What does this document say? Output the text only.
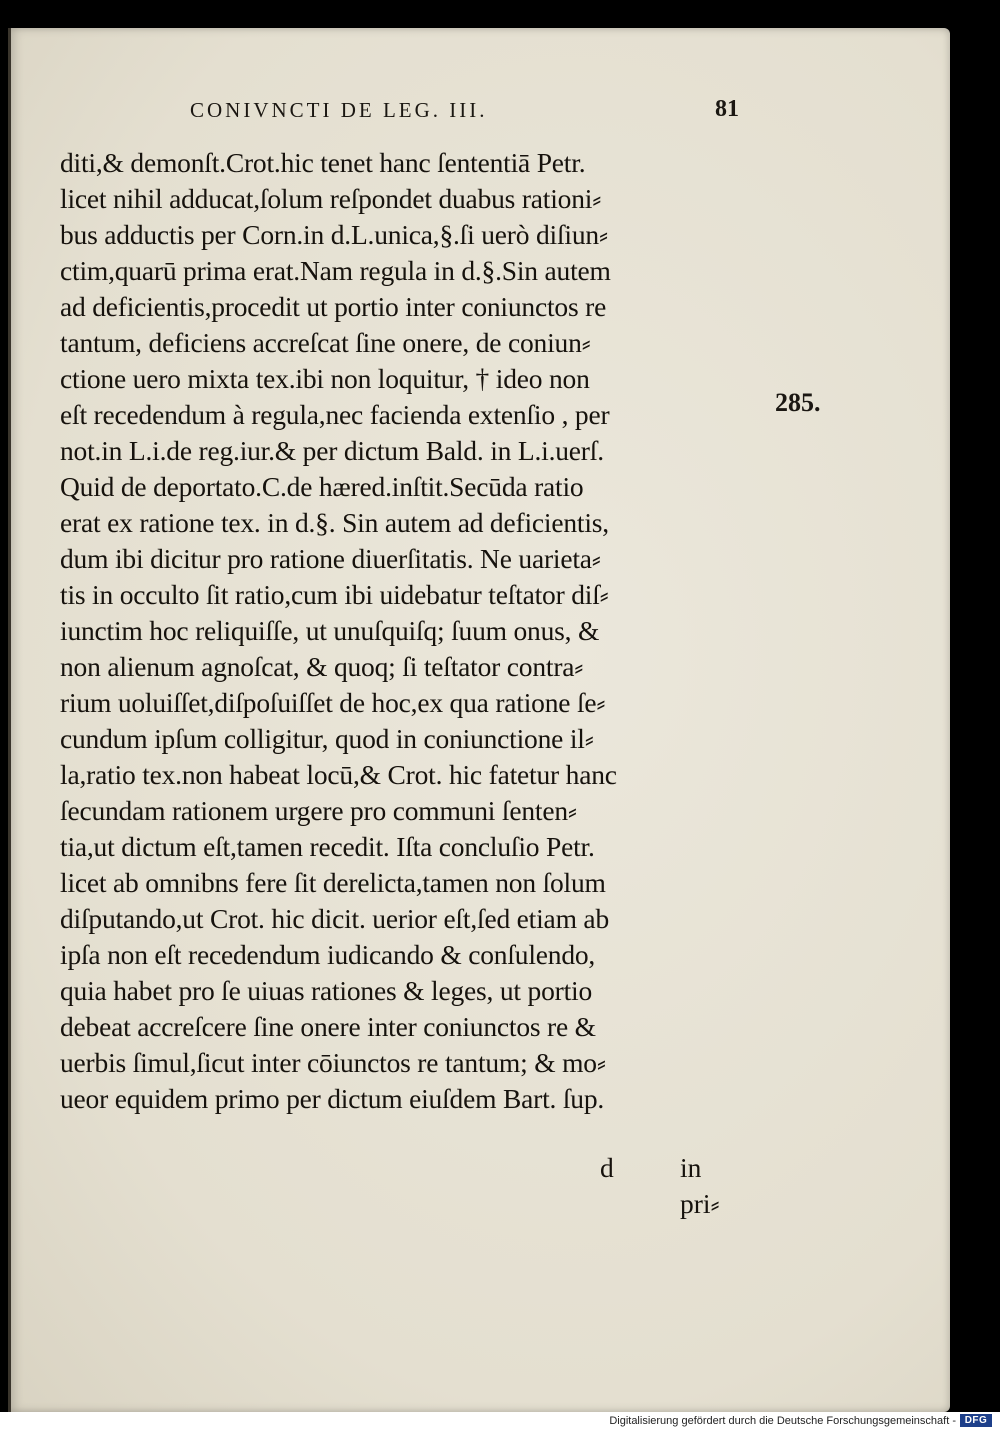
CONIVNCTI DE LEG. III.	81
diti,& demonſt.Crot.hic tenet hanc ſententiā Petr.
licet nihil adducat,ſolum reſpondet duabus rationi⸗
bus adductis per Corn.in d.L.unica,§.ſi uerò diſiun⸗
ctim,quarū prima erat.Nam regula in d.§.Sin autem
ad deficientis,procedit ut portio inter coniunctos re
tantum, deficiens accreſcat ſine onere, de coniun⸗
ctione uero mixta tex.ibi non loquitur, † ideo non
eſt recedendum à regula,nec facienda extenſio , per
not.in L.i.de reg.iur.& per dictum Bald. in L.i.uerſ.
Quid de deportato.C.de hæred.inſtit.Secūda ratio
erat ex ratione tex. in d.§. Sin autem ad deficientis,
dum ibi dicitur pro ratione diuerſitatis. Ne uarieta⸗
tis in occulto ſit ratio,cum ibi uidebatur teſtator diſ⸗
iunctim hoc reliquiſſe, ut unuſquiſq; ſuum onus, &
non alienum agnoſcat, & quoq; ſi teſtator contra⸗
rium uoluiſſet,diſpoſuiſſet de hoc,ex qua ratione ſe⸗
cundum ipſum colligitur, quod in coniunctione il⸗
la,ratio tex.non habeat locū,& Crot. hic fatetur hanc
ſecundam rationem urgere pro communi ſenten⸗
tia,ut dictum eſt,tamen recedit. Iſta concluſio Petr.
licet ab omnibns fere ſit derelicta,tamen non ſolum
diſputando,ut Crot. hic dicit. uerior eſt,ſed etiam ab
ipſa non eſt recedendum iudicando & conſulendo,
quia habet pro ſe uiuas rationes & leges, ut portio
debeat accreſcere ſine onere inter coniunctos re &
uerbis ſimul,ſicut inter cōiunctos re tantum; & mo⸗
ueor equidem primo per dictum eiuſdem Bart. ſup.
285.
d in pri⸗
Digitalisierung gefördert durch die Deutsche Forschungsgemeinschaft - DFG
